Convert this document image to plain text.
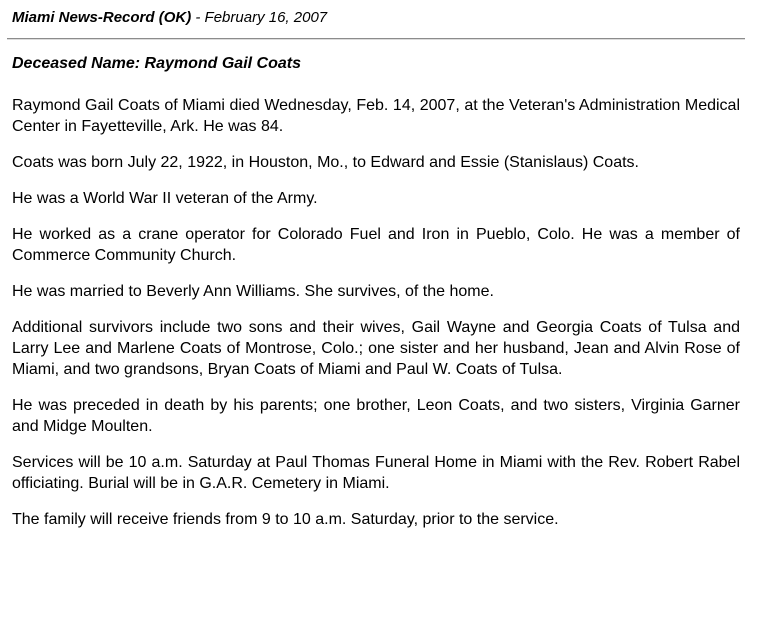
Miami News-Record (OK) - February 16, 2007
Deceased Name: Raymond Gail Coats

Raymond Gail Coats of Miami died Wednesday, Feb. 14, 2007, at the Veteran's Administration Medical Center in Fayetteville, Ark. He was 84.

Coats was born July 22, 1922, in Houston, Mo., to Edward and Essie (Stanislaus) Coats.

He was a World War II veteran of the Army.

He worked as a crane operator for Colorado Fuel and Iron in Pueblo, Colo. He was a member of Commerce Community Church.

He was married to Beverly Ann Williams. She survives, of the home.

Additional survivors include two sons and their wives, Gail Wayne and Georgia Coats of Tulsa and Larry Lee and Marlene Coats of Montrose, Colo.; one sister and her husband, Jean and Alvin Rose of Miami, and two grandsons, Bryan Coats of Miami and Paul W. Coats of Tulsa.

He was preceded in death by his parents; one brother, Leon Coats, and two sisters, Virginia Garner and Midge Moulten.

Services will be 10 a.m. Saturday at Paul Thomas Funeral Home in Miami with the Rev. Robert Rabel officiating. Burial will be in G.A.R. Cemetery in Miami.

The family will receive friends from 9 to 10 a.m. Saturday, prior to the service.
